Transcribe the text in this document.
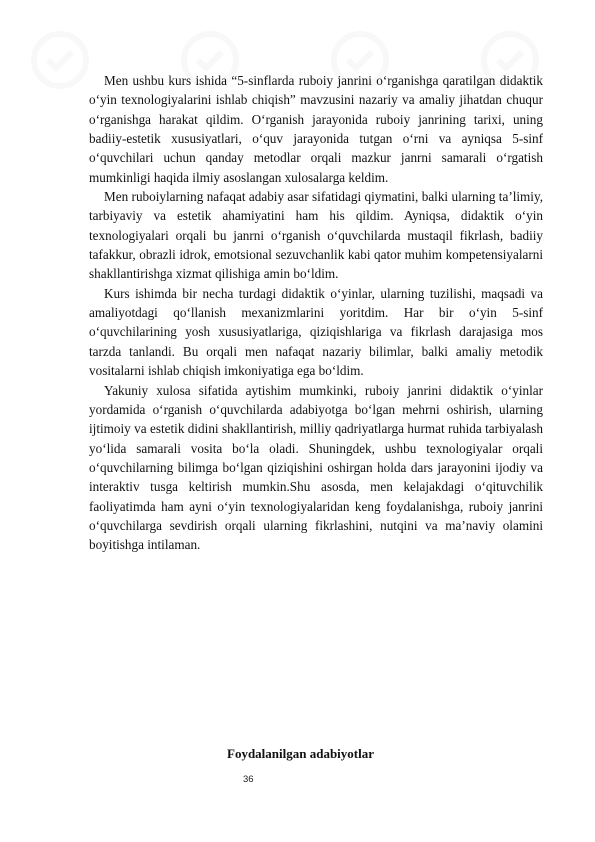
Men ushbu kurs ishida “5-sinflarda ruboiy janrini o‘rganishga qaratilgan didaktik o‘yin texnologiyalarini ishlab chiqish” mavzusini nazariy va amaliy jihatdan chuqur o‘rganishga harakat qildim. O‘rganish jarayonida ruboiy janrining tarixi, uning badiiy-estetik xususiyatlari, o‘quv jarayonida tutgan o‘rni va ayniqsa 5-sinf o‘quvchilari uchun qanday metodlar orqali mazkur janrni samarali o‘rgatish mumkinligi haqida ilmiy asoslangan xulosalarga keldim.

Men ruboiylarning nafaqat adabiy asar sifatidagi qiymatini, balki ularning ta’limiy, tarbiyaviy va estetik ahamiyatini ham his qildim. Ayniqsa, didaktik o‘yin texnologiyalari orqali bu janrni o‘rganish o‘quvchilarda mustaqil fikrlash, badiiy tafakkur, obrazli idrok, emotsional sezuvchanlik kabi qator muhim kompetensiyalarni shakllantirishga xizmat qilishiga amin bo‘ldim.

Kurs ishimda bir necha turdagi didaktik o‘yinlar, ularning tuzilishi, maqsadi va amaliyotdagi qo‘llanish mexanizmlarini yoritdim. Har bir o‘yin 5-sinf o‘quvchilarining yosh xususiyatlariga, qiziqishlariga va fikrlash darajasiga mos tarzda tanlandi. Bu orqali men nafaqat nazariy bilimlar, balki amaliy metodik vositalarni ishlab chiqish imkoniyatiga ega bo‘ldim.

Yakuniy xulosa sifatida aytishim mumkinki, ruboiy janrini didaktik o‘yinlar yordamida o‘rganish o‘quvchilarda adabiyotga bo‘lgan mehrni oshirish, ularning ijtimoiy va estetik didini shakllantirish, milliy qadriyatlarga hurmat ruhida tarbiyalash yo‘lida samarali vosita bo‘la oladi. Shuningdek, ushbu texnologiyalar orqali o‘quvchilarning bilimga bo‘lgan qiziqishini oshirgan holda dars jarayonini ijodiy va interaktiv tusga keltirish mumkin.Shu asosda, men kelajakdagi o‘qituvchilik faoliyatimda ham ayni o‘yin texnologiyalaridan keng foydalanishga, ruboiy janrini o‘quvchilarga sevdirish orqali ularning fikrlashini, nutqini va ma’naviy olamini boyitishga intilaman.

Foydalanilgan adabiyotlar
36
